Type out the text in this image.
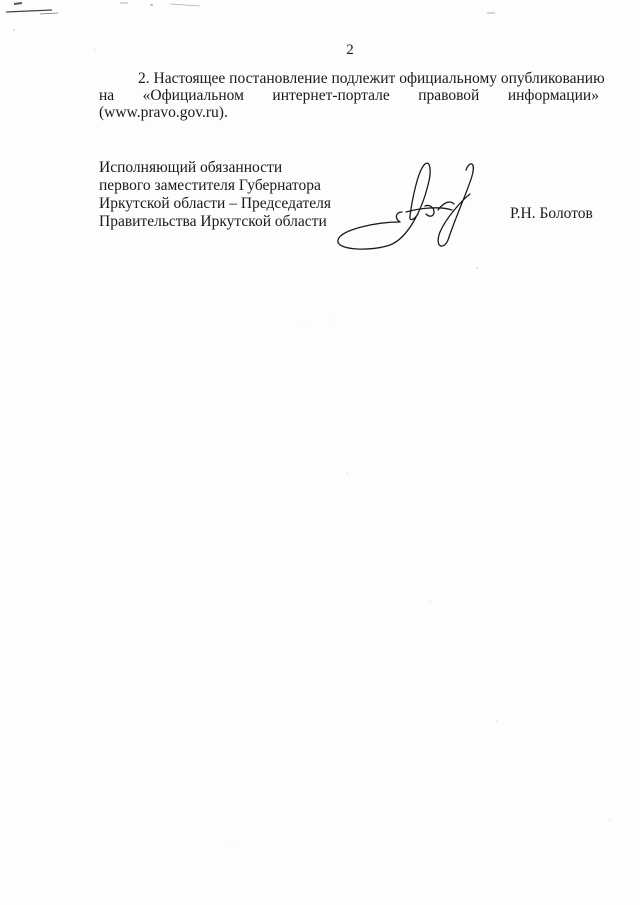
2
2. Настоящее постановление подлежит официальному опубликованию
на «Официальном интернет-портале правовой информации»
(www.pravo.gov.ru).
Исполняющий обязанности
первого заместителя Губернатора
Иркутской области – Председателя
Правительства Иркутской области	Р.Н. Болотов
